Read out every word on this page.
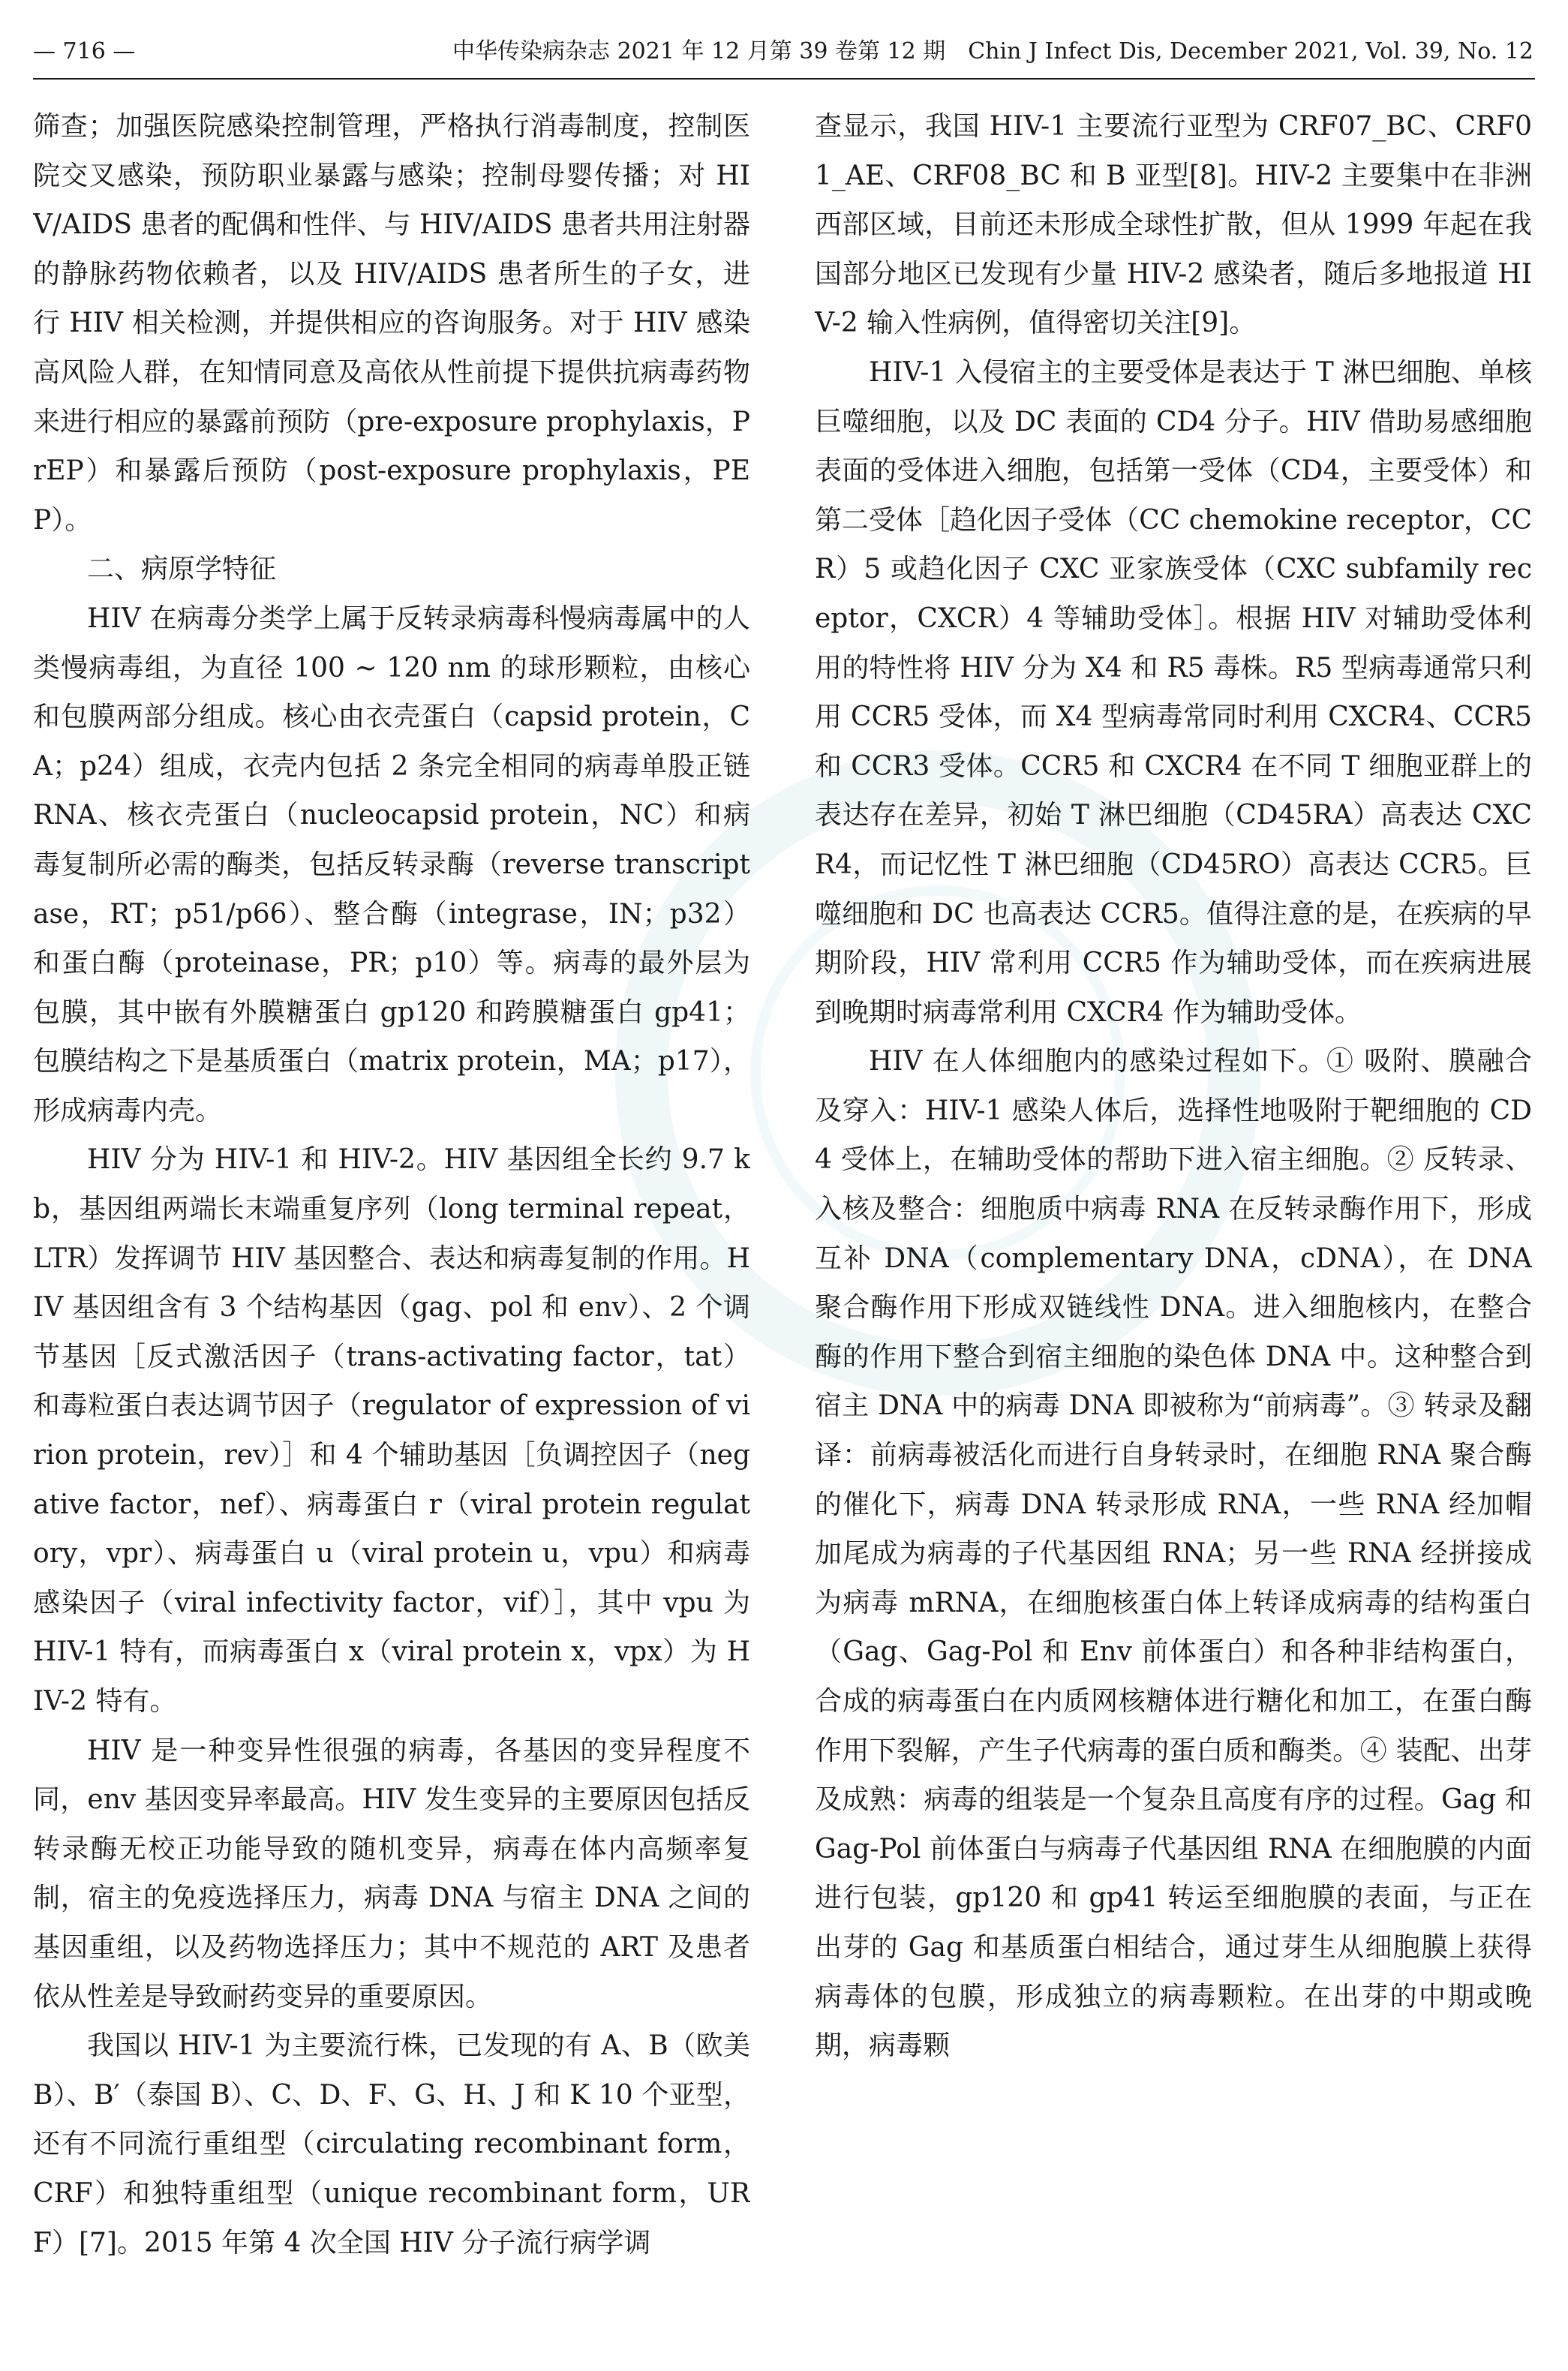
— 716 —	中华传染病杂志 2021 年 12 月第 39 卷第 12 期　Chin J Infect Dis, December 2021, Vol. 39, No. 12

筛查；加强医院感染控制管理，严格执行消毒制度，控制医院交叉感染，预防职业暴露与感染；控制母婴传播；对 HIV/AIDS 患者的配偶和性伴、与 HIV/AIDS 患者共用注射器的静脉药物依赖者，以及 HIV/AIDS 患者所生的子女，进行 HIV 相关检测，并提供相应的咨询服务。对于 HIV 感染高风险人群，在知情同意及高依从性前提下提供抗病毒药物来进行相应的暴露前预防（pre-exposure prophylaxis，PrEP）和暴露后预防（post-exposure prophylaxis，PEP）。

二、病原学特征

HIV 在病毒分类学上属于反转录病毒科慢病毒属中的人类慢病毒组，为直径 100 ~ 120 nm 的球形颗粒，由核心和包膜两部分组成。核心由衣壳蛋白（capsid protein，CA；p24）组成，衣壳内包括 2 条完全相同的病毒单股正链 RNA、核衣壳蛋白（nucleocapsid protein，NC）和病毒复制所必需的酶类，包括反转录酶（reverse transcriptase，RT；p51/p66）、整合酶（integrase，IN；p32）和蛋白酶（proteinase，PR；p10）等。病毒的最外层为包膜，其中嵌有外膜糖蛋白 gp120 和跨膜糖蛋白 gp41；包膜结构之下是基质蛋白（matrix protein，MA；p17），形成病毒内壳。

HIV 分为 HIV-1 和 HIV-2。HIV 基因组全长约 9.7 kb，基因组两端长末端重复序列（long terminal repeat，LTR）发挥调节 HIV 基因整合、表达和病毒复制的作用。HIV 基因组含有 3 个结构基因（gag、pol 和 env）、2 个调节基因［反式激活因子（trans-activating factor，tat）和毒粒蛋白表达调节因子（regulator of expression of virion protein，rev）］和 4 个辅助基因［负调控因子（negative factor，nef）、病毒蛋白 r（viral protein regulatory，vpr）、病毒蛋白 u（viral protein u，vpu）和病毒感染因子（viral infectivity factor，vif）］，其中 vpu 为 HIV-1 特有，而病毒蛋白 x（viral protein x，vpx）为 HIV-2 特有。

HIV 是一种变异性很强的病毒，各基因的变异程度不同，env 基因变异率最高。HIV 发生变异的主要原因包括反转录酶无校正功能导致的随机变异，病毒在体内高频率复制，宿主的免疫选择压力，病毒 DNA 与宿主 DNA 之间的基因重组，以及药物选择压力；其中不规范的 ART 及患者依从性差是导致耐药变异的重要原因。

我国以 HIV-1 为主要流行株，已发现的有 A、B（欧美 B）、B′（泰国 B）、C、D、F、G、H、J 和 K 10 个亚型，还有不同流行重组型（circulating recombinant form，CRF）和独特重组型（unique recombinant form，URF）[7]。2015 年第 4 次全国 HIV 分子流行病学调

查显示，我国 HIV-1 主要流行亚型为 CRF07_BC、CRF01_AE、CRF08_BC 和 B 亚型[8]。HIV-2 主要集中在非洲西部区域，目前还未形成全球性扩散，但从 1999 年起在我国部分地区已发现有少量 HIV-2 感染者，随后多地报道 HIV-2 输入性病例，值得密切关注[9]。

HIV-1 入侵宿主的主要受体是表达于 T 淋巴细胞、单核巨噬细胞，以及 DC 表面的 CD4 分子。HIV 借助易感细胞表面的受体进入细胞，包括第一受体（CD4，主要受体）和第二受体［趋化因子受体（CC chemokine receptor，CCR）5 或趋化因子 CXC 亚家族受体（CXC subfamily receptor，CXCR）4 等辅助受体］。根据 HIV 对辅助受体利用的特性将 HIV 分为 X4 和 R5 毒株。R5 型病毒通常只利用 CCR5 受体，而 X4 型病毒常同时利用 CXCR4、CCR5 和 CCR3 受体。CCR5 和 CXCR4 在不同 T 细胞亚群上的表达存在差异，初始 T 淋巴细胞（CD45RA）高表达 CXCR4，而记忆性 T 淋巴细胞（CD45RO）高表达 CCR5。巨噬细胞和 DC 也高表达 CCR5。值得注意的是，在疾病的早期阶段，HIV 常利用 CCR5 作为辅助受体，而在疾病进展到晚期时病毒常利用 CXCR4 作为辅助受体。

HIV 在人体细胞内的感染过程如下。① 吸附、膜融合及穿入：HIV-1 感染人体后，选择性地吸附于靶细胞的 CD4 受体上，在辅助受体的帮助下进入宿主细胞。② 反转录、入核及整合：细胞质中病毒 RNA 在反转录酶作用下，形成互补 DNA（complementary DNA，cDNA），在 DNA 聚合酶作用下形成双链线性 DNA。进入细胞核内，在整合酶的作用下整合到宿主细胞的染色体 DNA 中。这种整合到宿主 DNA 中的病毒 DNA 即被称为“前病毒”。③ 转录及翻译：前病毒被活化而进行自身转录时，在细胞 RNA 聚合酶的催化下，病毒 DNA 转录形成 RNA，一些 RNA 经加帽加尾成为病毒的子代基因组 RNA；另一些 RNA 经拼接成为病毒 mRNA，在细胞核蛋白体上转译成病毒的结构蛋白（Gag、Gag-Pol 和 Env 前体蛋白）和各种非结构蛋白，合成的病毒蛋白在内质网核糖体进行糖化和加工，在蛋白酶作用下裂解，产生子代病毒的蛋白质和酶类。④ 装配、出芽及成熟：病毒的组装是一个复杂且高度有序的过程。Gag 和 Gag-Pol 前体蛋白与病毒子代基因组 RNA 在细胞膜的内面进行包装，gp120 和 gp41 转运至细胞膜的表面，与正在出芽的 Gag 和基质蛋白相结合，通过芽生从细胞膜上获得病毒体的包膜，形成独立的病毒颗粒。在出芽的中期或晚期，病毒颗
